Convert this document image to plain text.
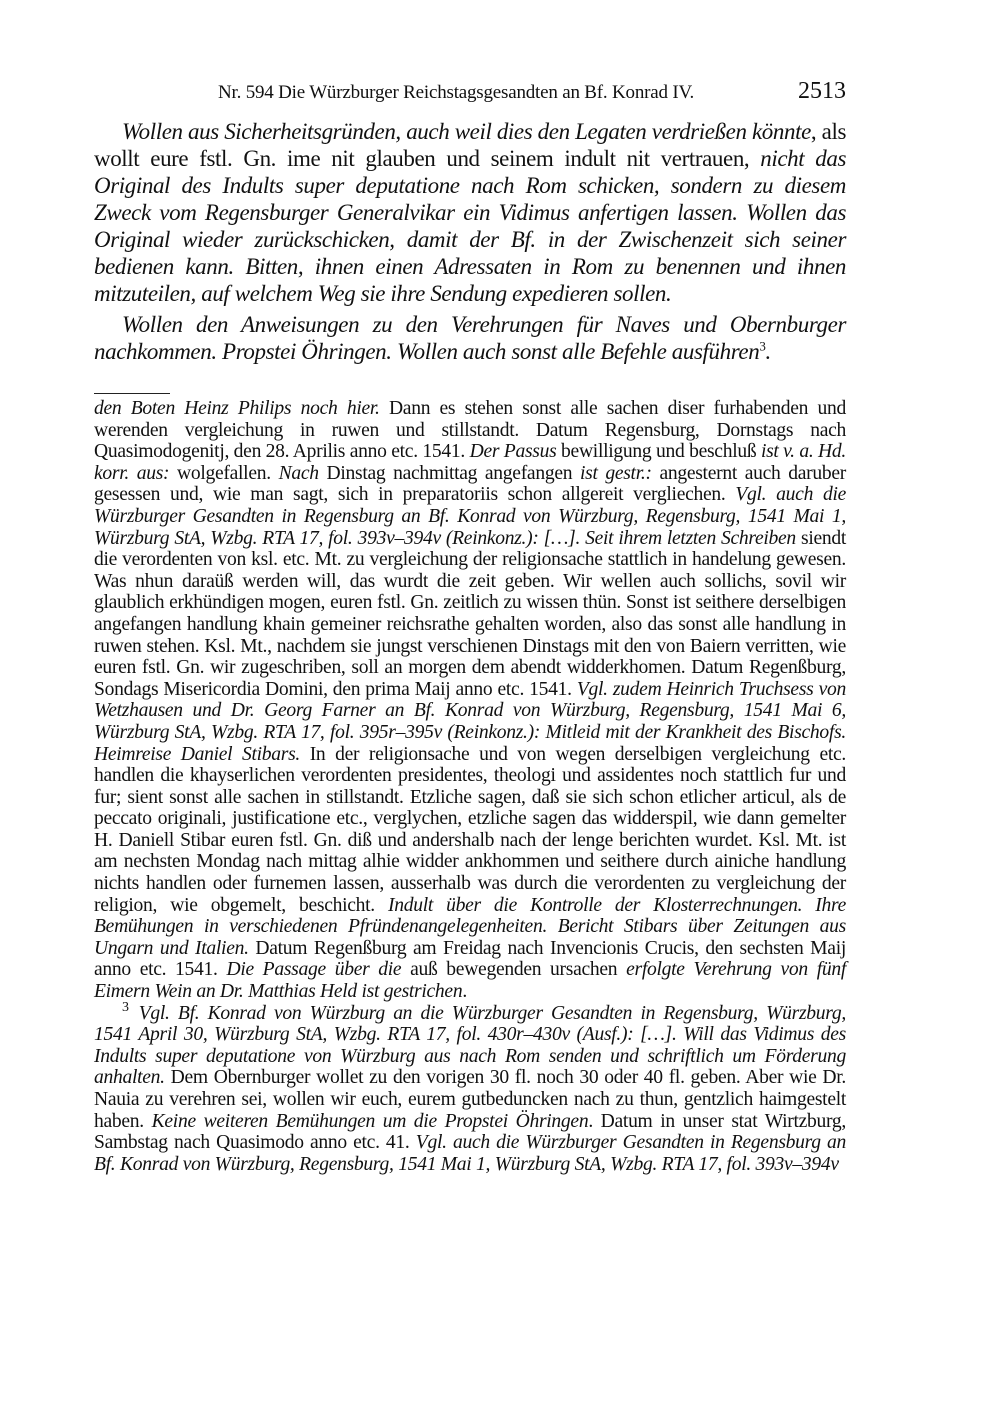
Nr. 594 Die Würzburger Reichstagsgesandten an Bf. Konrad IV.	2513

Wollen aus Sicherheitsgründen, auch weil dies den Legaten verdrießen könnte, als wollt eure fstl. Gn. ime nit glauben und seinem indult nit vertrauen, nicht das Original des Indults super deputatione nach Rom schicken, sondern zu diesem Zweck vom Regensburger Generalvikar ein Vidimus anfertigen lassen. Wollen das Original wieder zurückschicken, damit der Bf. in der Zwischenzeit sich seiner bedienen kann. Bitten, ihnen einen Adressaten in Rom zu benennen und ihnen mitzuteilen, auf welchem Weg sie ihre Sendung expedieren sollen.

Wollen den Anweisungen zu den Verehrungen für Naves und Obernburger nachkommen. Propstei Öhringen. Wollen auch sonst alle Befehle ausführen$^3$.

den Boten Heinz Philips noch hier. Dann es stehen sonst alle sachen diser furhabenden und werenden vergleichung in ruwen und stillstandt. Datum Regensburg, Dornstags nach Quasimodogenitj, den 28. Aprilis anno etc. 1541. Der Passus bewilligung und beschluß ist v. a. Hd. korr. aus: wolgefallen. Nach Dinstag nachmittag angefangen ist gestr.: angesternt auch daruber gesessen und, wie man sagt, sich in preparatoriis schon allgereit vergliechen. Vgl. auch die Würzburger Gesandten in Regensburg an Bf. Konrad von Würzburg, Regensburg, 1541 Mai 1, Würzburg StA, Wzbg. RTA 17, fol. 393v–394v (Reinkonz.): […]. Seit ihrem letzten Schreiben siendt die verordenten von ksl. etc. Mt. zu vergleichung der religionsache stattlich in handelung gewesen. Was nhun daraüß werden will, das wurdt die zeit geben. Wir wellen auch sollichs, sovil wir glaublich erkhündigen mogen, euren fstl. Gn. zeitlich zu wissen thün. Sonst ist seithere derselbigen angefangen handlung khain gemeiner reichsrathe gehalten worden, also das sonst alle handlung in ruwen stehen. Ksl. Mt., nachdem sie jungst verschienen Dinstags mit den von Baiern verritten, wie euren fstl. Gn. wir zugeschriben, soll an morgen dem abendt widderkhomen. Datum Regenßburg, Sondags Misericordia Domini, den prima Maij anno etc. 1541. Vgl. zudem Heinrich Truchsess von Wetzhausen und Dr. Georg Farner an Bf. Konrad von Würzburg, Regensburg, 1541 Mai 6, Würzburg StA, Wzbg. RTA 17, fol. 395r–395v (Reinkonz.): Mitleid mit der Krankheit des Bischofs. Heimreise Daniel Stibars. In der religionsache und von wegen derselbigen vergleichung etc. handlen die khayserlichen verordenten presidentes, theologi und assidentes noch stattlich fur und fur; sient sonst alle sachen in stillstandt. Etzliche sagen, daß sie sich schon etlicher articul, als de peccato originali, justificatione etc., verglychen, etzliche sagen das widderspil, wie dann gemelter H. Daniell Stibar euren fstl. Gn. diß und andershalb nach der lenge berichten wurdet. Ksl. Mt. ist am nechsten Mondag nach mittag alhie widder ankhommen und seithere durch ainiche handlung nichts handlen oder furnemen lassen, ausserhalb was durch die verordenten zu vergleichung der religion, wie obgemelt, beschicht. Indult über die Kontrolle der Klosterrechnungen. Ihre Bemühungen in verschiedenen Pfründenangelegenheiten. Bericht Stibars über Zeitungen aus Ungarn und Italien. Datum Regenßburg am Freidag nach Invencionis Crucis, den sechsten Maij anno etc. 1541. Die Passage über die auß bewegenden ursachen erfolgte Verehrung von fünf Eimern Wein an Dr. Matthias Held ist gestrichen.

$^3$ Vgl. Bf. Konrad von Würzburg an die Würzburger Gesandten in Regensburg, Würzburg, 1541 April 30, Würzburg StA, Wzbg. RTA 17, fol. 430r–430v (Ausf.): […]. Will das Vidimus des Indults super deputatione von Würzburg aus nach Rom senden und schriftlich um Förderung anhalten. Dem Obernburger wollet zu den vorigen 30 fl. noch 30 oder 40 fl. geben. Aber wie Dr. Nauia zu verehren sei, wollen wir euch, eurem gutbeduncken nach zu thun, gentzlich haimgestelt haben. Keine weiteren Bemühungen um die Propstei Öhringen. Datum in unser stat Wirtzburg, Sambstag nach Quasimodo anno etc. 41. Vgl. auch die Würzburger Gesandten in Regensburg an Bf. Konrad von Würzburg, Regensburg, 1541 Mai 1, Würzburg StA, Wzbg. RTA 17, fol. 393v–394v
